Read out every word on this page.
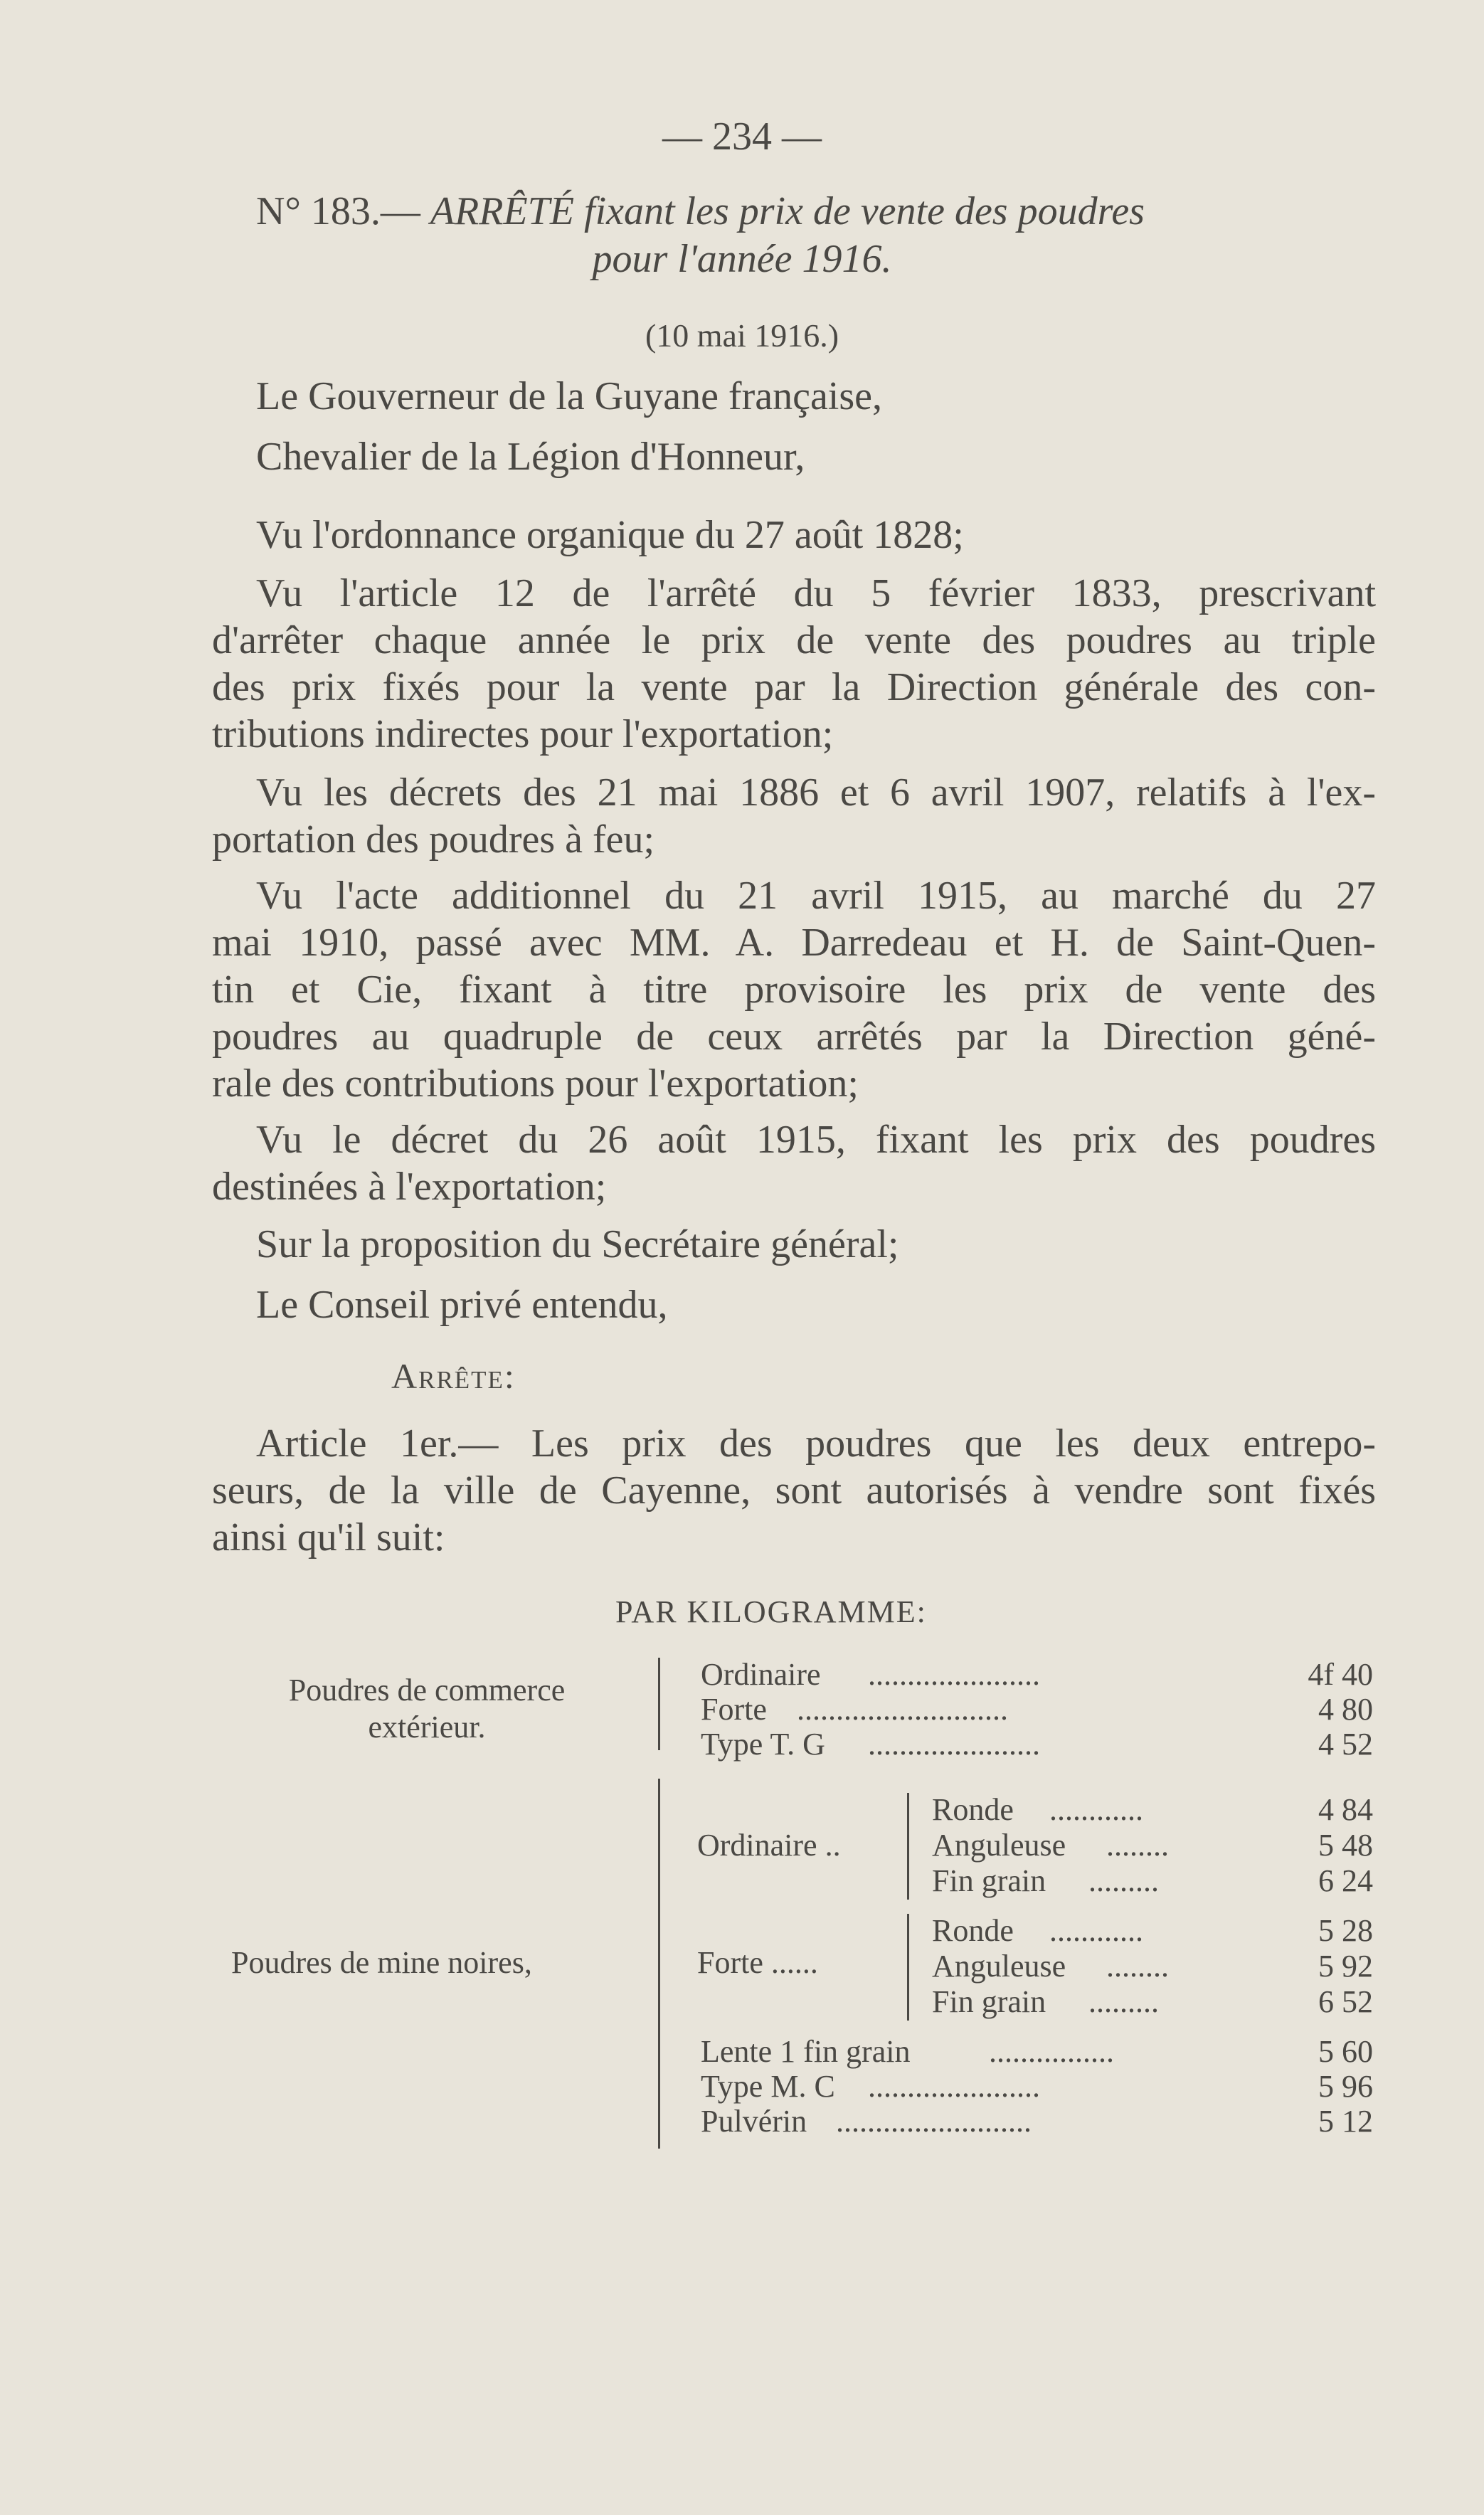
— 234 —
N° 183.— ARRÊTÉ fixant les prix de vente des poudres
pour l'année 1916.
(10 mai 1916.)
Le Gouverneur de la Guyane française,
Chevalier de la Légion d'Honneur,
Vu l'ordonnance organique du 27 août 1828;
Vu l'article 12 de l'arrêté du 5 février 1833, prescrivant
d'arrêter chaque année le prix de vente des poudres au triple
des prix fixés pour la vente par la Direction générale des con-
tributions indirectes pour l'exportation;
Vu les décrets des 21 mai 1886 et 6 avril 1907, relatifs à l'ex-
portation des poudres à feu;
Vu l'acte additionnel du 21 avril 1915, au marché du 27
mai 1910, passé avec MM. A. Darredeau et H. de Saint-Quen-
tin et Cie, fixant à titre provisoire les prix de vente des
poudres au quadruple de ceux arrêtés par la Direction géné-
rale des contributions pour l'exportation;
Vu le décret du 26 août 1915, fixant les prix des poudres
destinées à l'exportation;
Sur la proposition du Secrétaire général;
Le Conseil privé entendu,
Arrête:
Article 1er.— Les prix des poudres que les deux entrepo-
seurs, de la ville de Cayenne, sont autorisés à vendre sont fixés
ainsi qu'il suit:
PAR KILOGRAMME:
Poudres de commerce
extérieur.
Ordinaire ......................	4f 40
Forte ...........................	4 80
Type T. G ......................	4 52
Poudres de mine noires,
Ordinaire ..
Ronde ............	4 84
Anguleuse ........	5 48
Fin grain .........	6 24
Forte ......
Ronde ............	5 28
Anguleuse ........	5 92
Fin grain .........	6 52
Lente 1 fin grain	................	5 60
Type M. C ......................	5 96
Pulvérin .........................	5 12
